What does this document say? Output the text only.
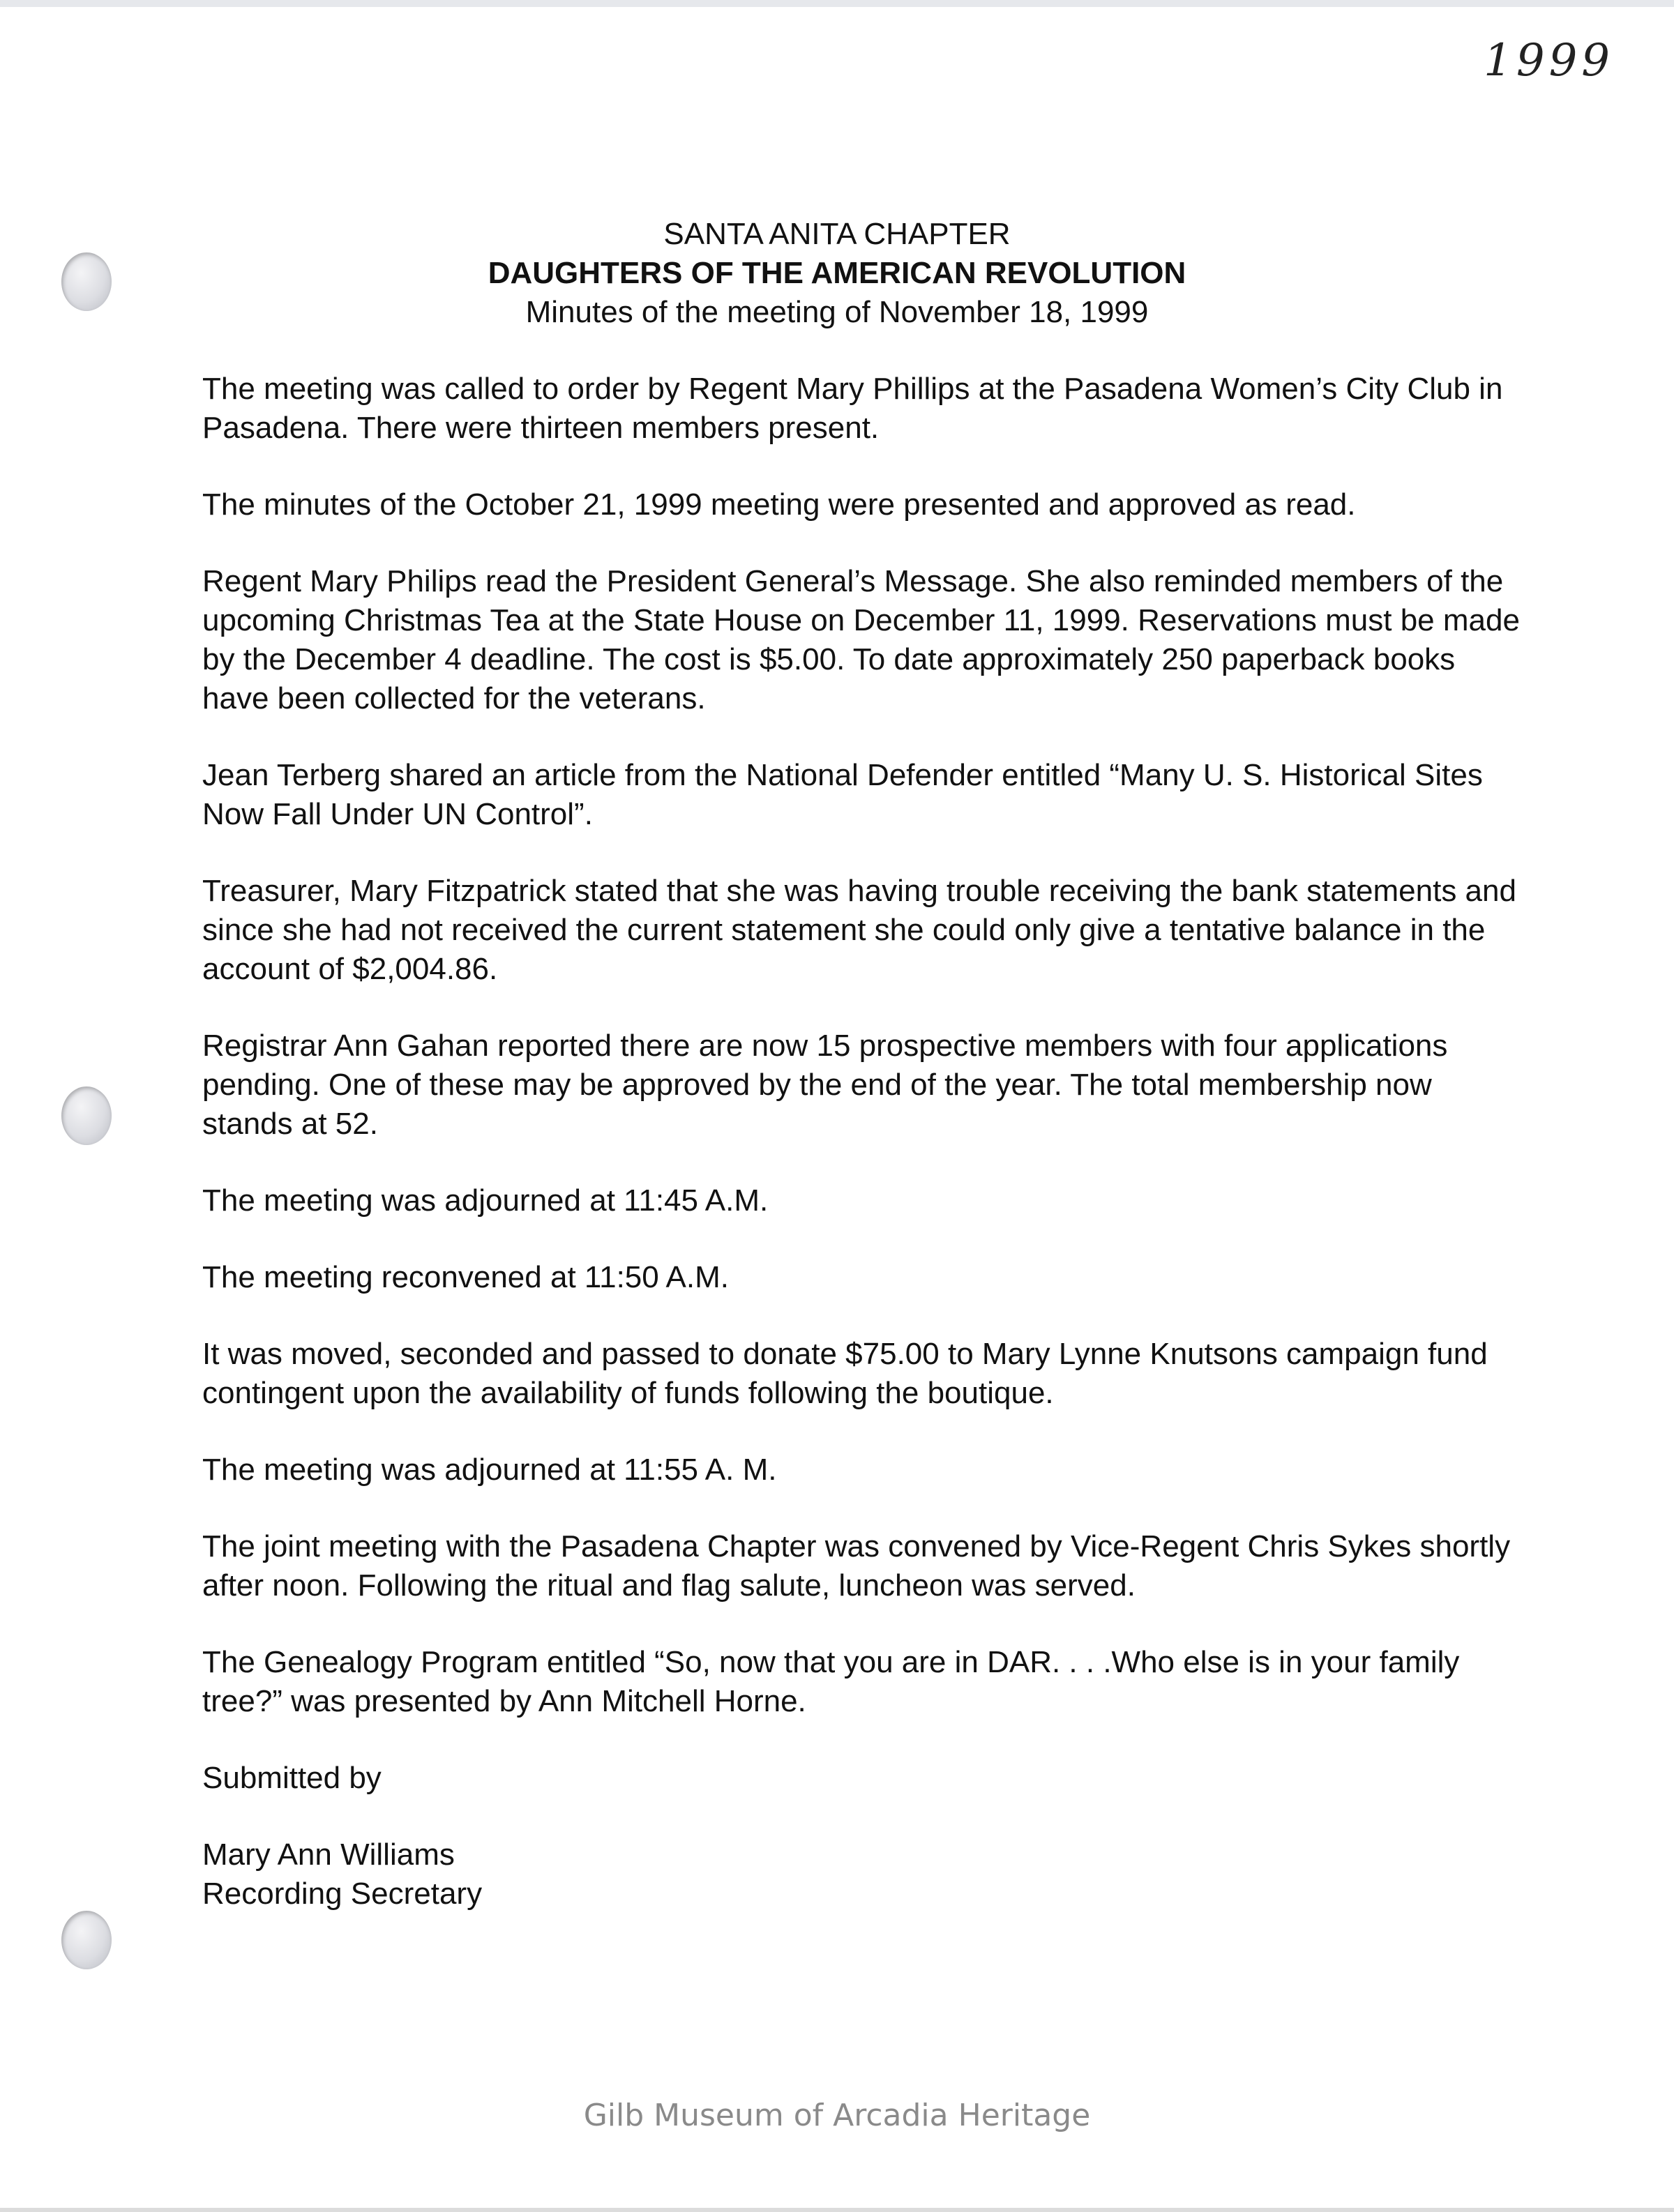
1999
SANTA ANITA CHAPTER
DAUGHTERS OF THE AMERICAN REVOLUTION
Minutes of the meeting of November 18, 1999

The meeting was called to order by Regent Mary Phillips at the Pasadena Women’s City Club in Pasadena. There were thirteen members present.

The minutes of the October 21, 1999 meeting were presented and approved as read.

Regent Mary Philips read the President General’s Message. She also reminded members of the upcoming Christmas Tea at the State House on December 11, 1999. Reservations must be made by the December 4 deadline. The cost is $5.00. To date approximately 250 paperback books have been collected for the veterans.

Jean Terberg shared an article from the National Defender entitled “Many U. S. Historical Sites Now Fall Under UN Control”.

Treasurer, Mary Fitzpatrick stated that she was having trouble receiving the bank statements and since she had not received the current statement she could only give a tentative balance in the account of $2,004.86.

Registrar Ann Gahan reported there are now 15 prospective members with four applications pending. One of these may be approved by the end of the year. The total membership now stands at 52.

The meeting was adjourned at 11:45 A.M.

The meeting reconvened at 11:50 A.M.

It was moved, seconded and passed to donate $75.00 to Mary Lynne Knutsons campaign fund contingent upon the availability of funds following the boutique.

The meeting was adjourned at 11:55 A. M.

The joint meeting with the Pasadena Chapter was convened by Vice-Regent Chris Sykes shortly after noon. Following the ritual and flag salute, luncheon was served.

The Genealogy Program entitled “So, now that you are in DAR. . . .Who else is in your family tree?” was presented by Ann Mitchell Horne.

Submitted by

Mary Ann Williams
Recording Secretary
Gilb Museum of Arcadia Heritage
